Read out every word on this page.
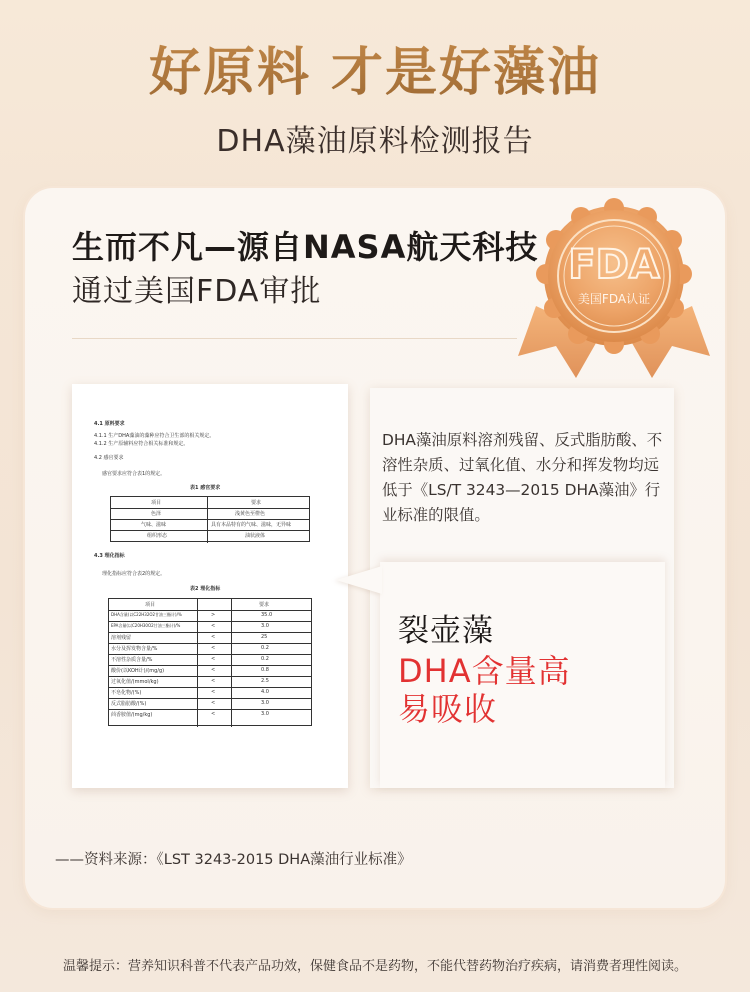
好原料 才是好藻油
DHA藻油原料检测报告
生而不凡—源自NASA航天科技
通过美国FDA审批
FDA
美国FDA认证
4.1 原料要求
4.1.1 生产DHA藻油的藻种应符合卫生部的相关规定。
4.1.2 生产原辅料应符合相关标准和规定。
4.2 感官要求
感官要求应符合表1的规定。
表1 感官要求
项目	要求
色泽	浅黄色至橙色
气味、滋味	具有本品特有的气味、滋味，无异味
组织形态	油状液体
4.3 理化指标
理化指标应符合表2的规定。
表2 理化指标
项目	要求
DHA含量(以C22H32O2甘油三酯计)/%	>	35.0
EPA含量(以C20H30O2甘油三酯计)/%	<	3.0
溶剂残留	<	25
水分及挥发物含量/%	<	0.2
不溶性杂质含量/%	<	0.2
酸价(以KOH计)/(mg/g)	<	0.8
过氧化值/(mmol/kg)	<	2.5
不皂化物/(%)	<	4.0
反式脂肪酸/(%)	<	3.0
茴香胺值/(mg/kg)	<	3.0
DHA藻油原料溶剂残留、反式脂肪酸、不溶性杂质、过氧化值、水分和挥发物均远低于《LS/T 3243—2015 DHA藻油》行业标准的限值。
裂壶藻
DHA含量高
易吸收
——资料来源：《LST 3243-2015 DHA藻油行业标准》
温馨提示：营养知识科普不代表产品功效，保健食品不是药物，不能代替药物治疗疾病，请消费者理性阅读。
